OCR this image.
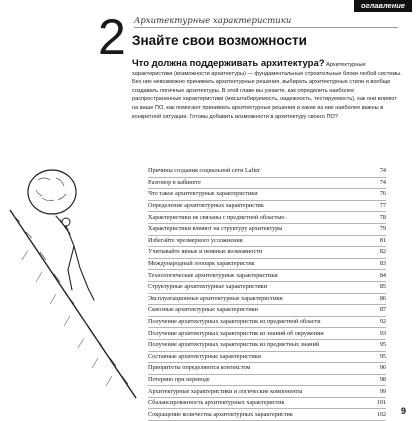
оглавление
2 Архитектурные характеристики
Знайте свои возможности
Что должна поддерживать архитектура? Архитектурные характеристики (возможности архитектуры) — фундаментальные строительные блоки любой системы. Без них невозможно принимать архитектурные решения, выбирать архитектурные стили и вообще создавать логичные архитектуры. В этой главе вы узнаете, как определить наиболее распространенные характеристики (масштабируемость, надежность, тестируемость), как они влияют на ваше ПО, как помогают принимать архитектурные решения и какие из них наиболее важны в конкретной ситуации. Готовы добавить возможности в архитектуру своего ПО?
Причины создания социальной сети Lafter	74
Разговор в кабинете	74
Что такое архитектурные характеристики	76
Определение архитектурных характеристик	77
Характеристики не связаны с предметной областью	78
Характеристики влияют на структуру архитектуры	79
Избегайте чрезмерного усложнения	81
Учитывайте явные и неявные возможности	82
Международный зоопарк характеристик	83
Технологические архитектурные характеристики	84
Структурные архитектурные характеристики	85
Эксплуатационные архитектурные характеристики	86
Сквозные архитектурные характеристики	87
Получение архитектурных характеристик из предметной области	92
Получение архитектурных характеристик из знаний об окружении	93
Получение архитектурных характеристик из предметных знаний	95
Составные архитектурные характеристики	95
Приоритеты определяются контекстом	96
Потеряно при переводе	98
Архитектурные характеристики и логические компоненты	99
Сбалансированность архитектурных характеристик	101
Сокращение количества архитектурных характеристик	102 9
